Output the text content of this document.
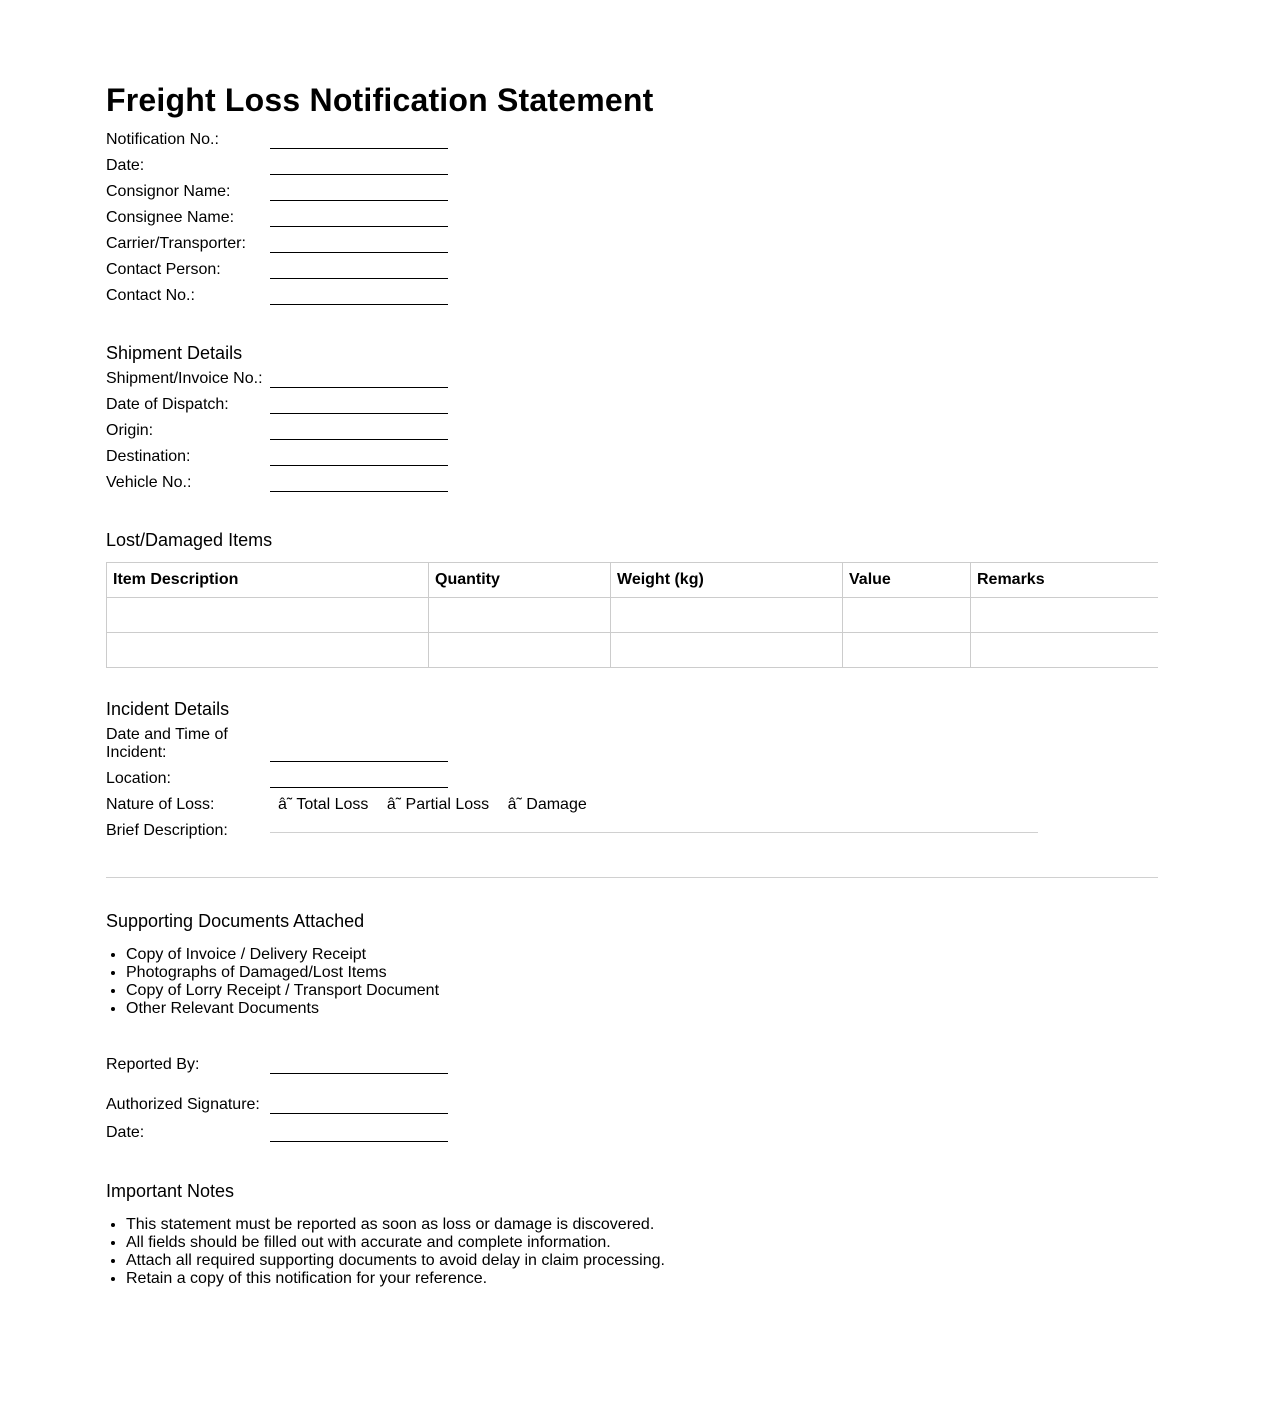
Freight Loss Notification Statement
Notification No.:
Date:
Consignor Name:
Consignee Name:
Carrier/Transporter:
Contact Person:
Contact No.:
Shipment Details
Shipment/Invoice No.:
Date of Dispatch:
Origin:
Destination:
Vehicle No.:
Lost/Damaged Items
Item Description	Quantity	Weight (kg)	Value	Remarks

Incident Details
Date and Time of Incident:
Location:
Nature of Loss:	â˜ Total Loss â˜ Partial Loss â˜ Damage
Brief Description:
Supporting Documents Attached
• Copy of Invoice / Delivery Receipt
• Photographs of Damaged/Lost Items
• Copy of Lorry Receipt / Transport Document
• Other Relevant Documents
Reported By:
Authorized Signature:
Date:
Important Notes
• This statement must be reported as soon as loss or damage is discovered.
• All fields should be filled out with accurate and complete information.
• Attach all required supporting documents to avoid delay in claim processing.
• Retain a copy of this notification for your reference.
